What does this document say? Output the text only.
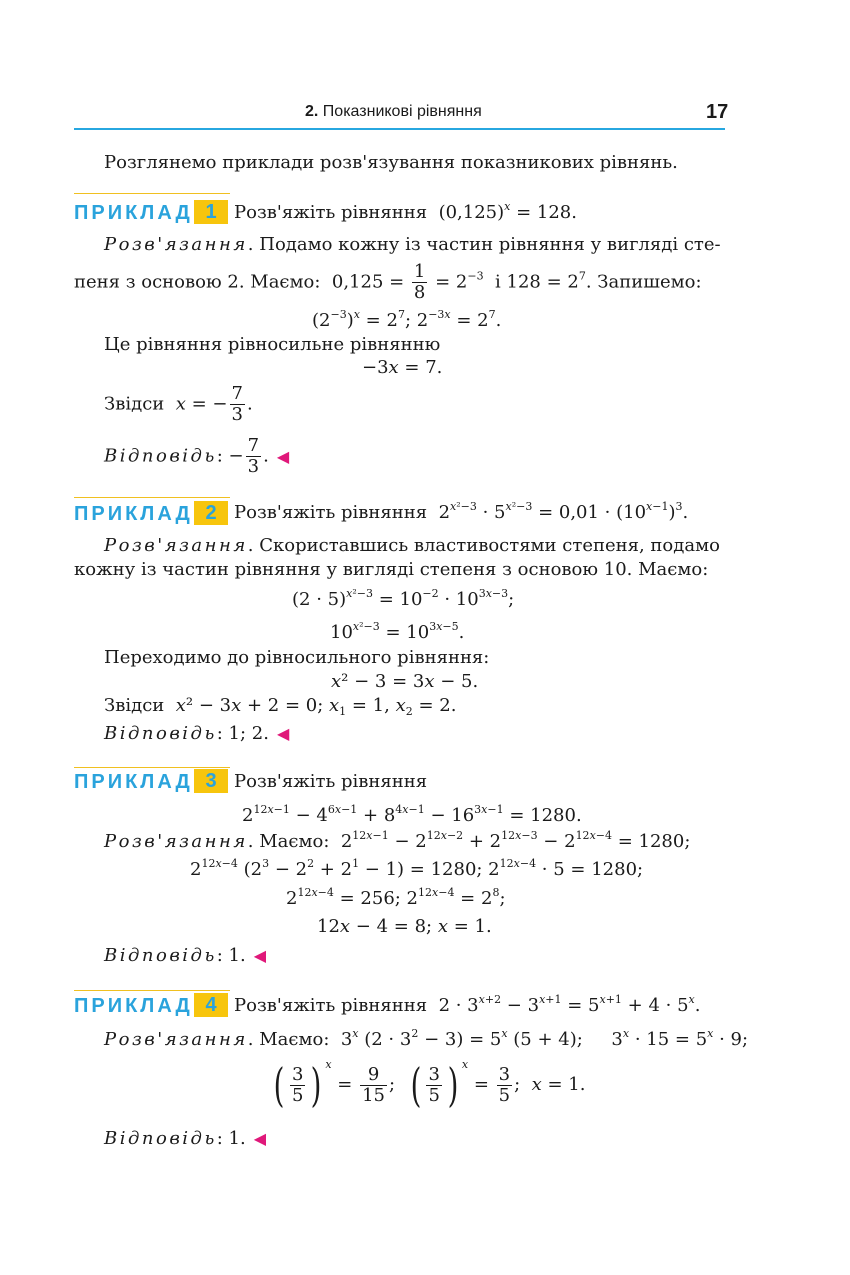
2. Показникові рівняння	17
Розглянемо приклади розв'язування показникових рівнянь.
ПРИКЛАД 1 Розв'яжіть рівняння  $(0,125)^x = 128$.
Розв'язання. Подамо кожну із частин рівняння у вигляді сте-
пеня з основою 2. Маємо:  $0,125 = \frac{1}{8} = 2^{-3}$  і $128 = 2^7$. Запишемо:
$(2^{-3})^x = 2^7$; $2^{-3x} = 2^7$.
Це рівняння рівносильне рівнянню
−3x = 7.
Звідси x = − $\frac{7}{3}$ .
Відповідь: − $\frac{7}{3}$ . ◀
ПРИКЛАД 2 Розв'яжіть рівняння  $2^{x^2-3} \cdot 5^{x^2-3} = 0,01 \cdot (10^{x-1})^3$.
Розв'язання. Скориставшись властивостями степеня, подамо
кожну із частин рівняння у вигляді степеня з основою 10. Маємо:
$(2 \cdot 5)^{x^2-3} = 10^{-2} \cdot 10^{3x-3}$;
$10^{x^2-3} = 10^{3x-5}$.
Переходимо до рівносильного рівняння:
x² − 3 = 3x − 5.
Звідси x² − 3x + 2 = 0; $x_1 = 1$, $x_2 = 2$.
Відповідь: 1; 2. ◀
ПРИКЛАД 3 Розв'яжіть рівняння
$2^{12x-1} - 4^{6x-1} + 8^{4x-1} - 16^{3x-1} = 1280$.
Розв'язання. Маємо:  $2^{12x-1} - 2^{12x-2} + 2^{12x-3} - 2^{12x-4} = 1280$;
$2^{12x-4}$ $(2^3 - 2^2 + 2^1 - 1) = 1280$; $2^{12x-4} \cdot 5 = 1280$;
$2^{12x-4} = 256$; $2^{12x-4} = 2^8$;
12x − 4 = 8; x = 1.
Відповідь: 1. ◀
ПРИКЛАД 4 Розв'яжіть рівняння  $2 \cdot 3^{x+2} - 3^{x+1} = 5^{x+1} + 4 \cdot 5^x$.
Розв'язання. Маємо:  3$^x$ $(2 \cdot 3^2 - 3) = 5^x$ (5 + 4);     $3^x \cdot 15 = 5^x \cdot 9$;
( $\frac{3}{5}$ ) $^x = \frac{9}{15}$ ;  ( $\frac{3}{5}$ ) $^x = \frac{3}{5}$ ;  x = 1.
Відповідь: 1. ◀
